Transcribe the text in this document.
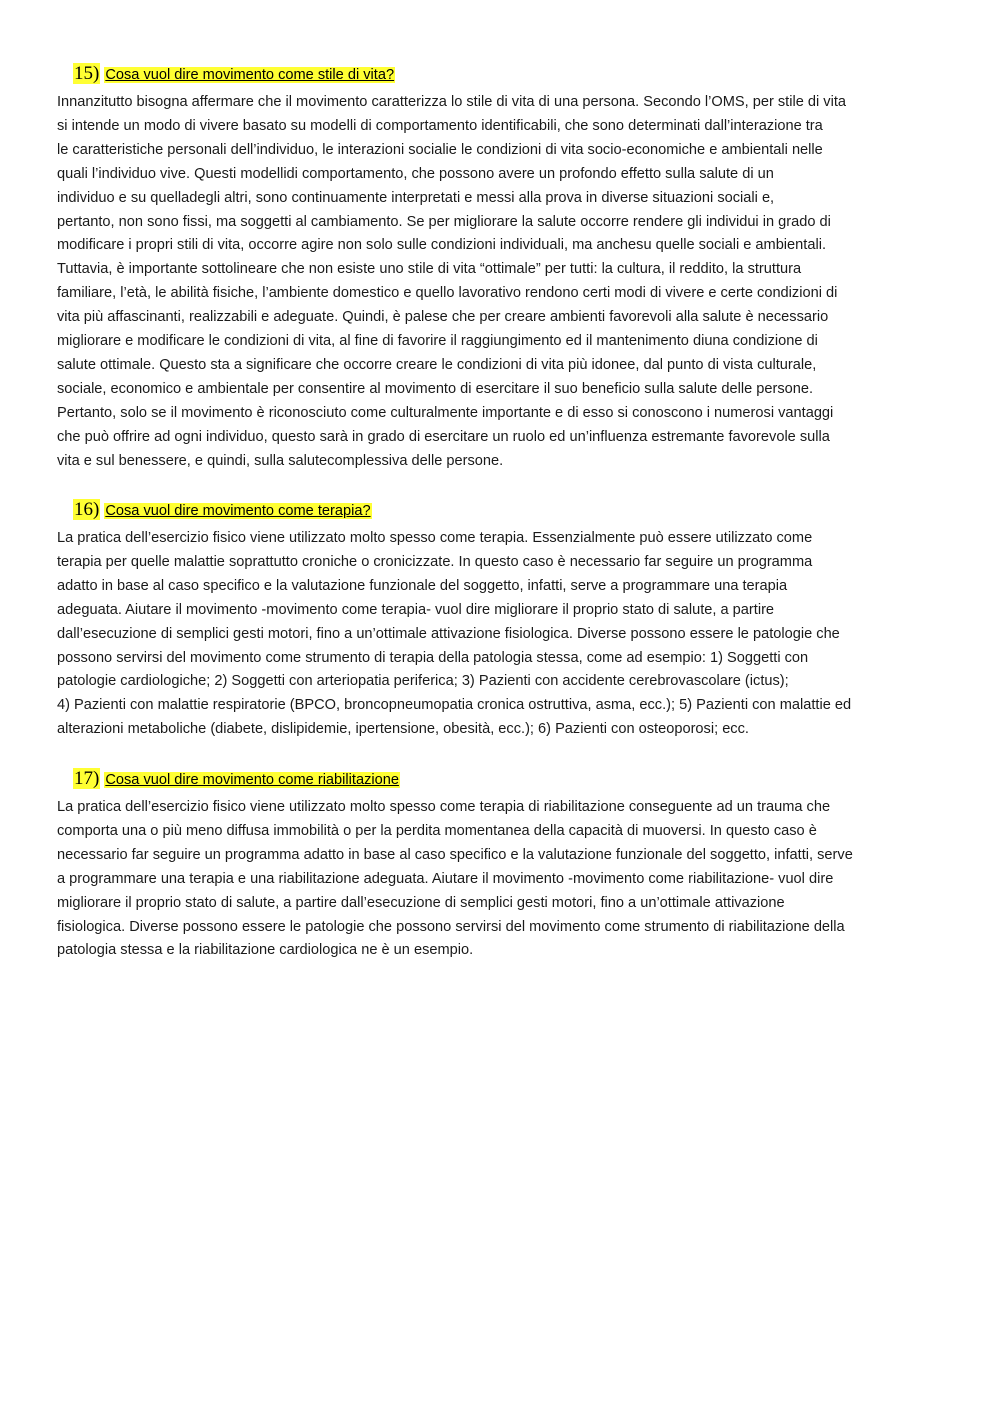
15) Cosa vuol dire movimento come stile di vita?

Innanzitutto bisogna affermare che il movimento caratterizza lo stile di vita di una persona. Secondo l’OMS, per stile di vita
si intende un modo di vivere basato su modelli di comportamento identificabili, che sono determinati dall’interazione tra
le caratteristiche personali dell’individuo, le interazioni socialie le condizioni di vita socio-economiche e ambientali nelle
quali l’individuo vive. Questi modellidi comportamento, che possono avere un profondo effetto sulla salute di un
individuo e su quelladegli altri, sono continuamente interpretati e messi alla prova in diverse situazioni sociali e,
pertanto, non sono fissi, ma soggetti al cambiamento. Se per migliorare la salute occorre rendere gli individui in grado di
modificare i propri stili di vita, occorre agire non solo sulle condizioni individuali, ma anchesu quelle sociali e ambientali.
Tuttavia, è importante sottolineare che non esiste uno stile di vita “ottimale” per tutti: la cultura, il reddito, la struttura
familiare, l’età, le abilità fisiche, l’ambiente domestico e quello lavorativo rendono certi modi di vivere e certe condizioni di
vita più affascinanti, realizzabili e adeguate. Quindi, è palese che per creare ambienti favorevoli alla salute è necessario
migliorare e modificare le condizioni di vita, al fine di favorire il raggiungimento ed il mantenimento diuna condizione di
salute ottimale. Questo sta a significare che occorre creare le condizioni di vita più idonee, dal punto di vista culturale,
sociale, economico e ambientale per consentire al movimento di esercitare il suo beneficio sulla salute delle persone.
Pertanto, solo se il movimento è riconosciuto come culturalmente importante e di esso si conoscono i numerosi vantaggi
che può offrire ad ogni individuo, questo sarà in grado di esercitare un ruolo ed un’influenza estremante favorevole sulla
vita e sul benessere, e quindi, sulla salutecomplessiva delle persone.

16) Cosa vuol dire movimento come terapia?

La pratica dell’esercizio fisico viene utilizzato molto spesso come terapia. Essenzialmente può essere utilizzato come
terapia per quelle malattie soprattutto croniche o cronicizzate. In questo caso è necessario far seguire un programma
adatto in base al caso specifico e la valutazione funzionale del soggetto, infatti, serve a programmare una terapia
adeguata. Aiutare il movimento -movimento come terapia- vuol dire migliorare il proprio stato di salute, a partire
dall’esecuzione di semplici gesti motori, fino a un’ottimale attivazione fisiologica. Diverse possono essere le patologie che
possono servirsi del movimento come strumento di terapia della patologia stessa, come ad esempio: 1) Soggetti con
patologie cardiologiche; 2) Soggetti con arteriopatia periferica; 3) Pazienti con accidente cerebrovascolare (ictus);
4) Pazienti con malattie respiratorie (BPCO, broncopneumopatia cronica ostruttiva, asma, ecc.); 5) Pazienti con malattie ed
alterazioni metaboliche (diabete, dislipidemie, ipertensione, obesità, ecc.); 6) Pazienti con osteoporosi; ecc.

17) Cosa vuol dire movimento come riabilitazione

La pratica dell’esercizio fisico viene utilizzato molto spesso come terapia di riabilitazione conseguente ad un trauma che
comporta una o più meno diffusa immobilità o per la perdita momentanea della capacità di muoversi. In questo caso è
necessario far seguire un programma adatto in base al caso specifico e la valutazione funzionale del soggetto, infatti, serve
a programmare una terapia e una riabilitazione adeguata. Aiutare il movimento -movimento come riabilitazione- vuol dire
migliorare il proprio stato di salute, a partire dall’esecuzione di semplici gesti motori, fino a un’ottimale attivazione
fisiologica. Diverse possono essere le patologie che possono servirsi del movimento come strumento di riabilitazione della
patologia stessa e la riabilitazione cardiologica ne è un esempio.
